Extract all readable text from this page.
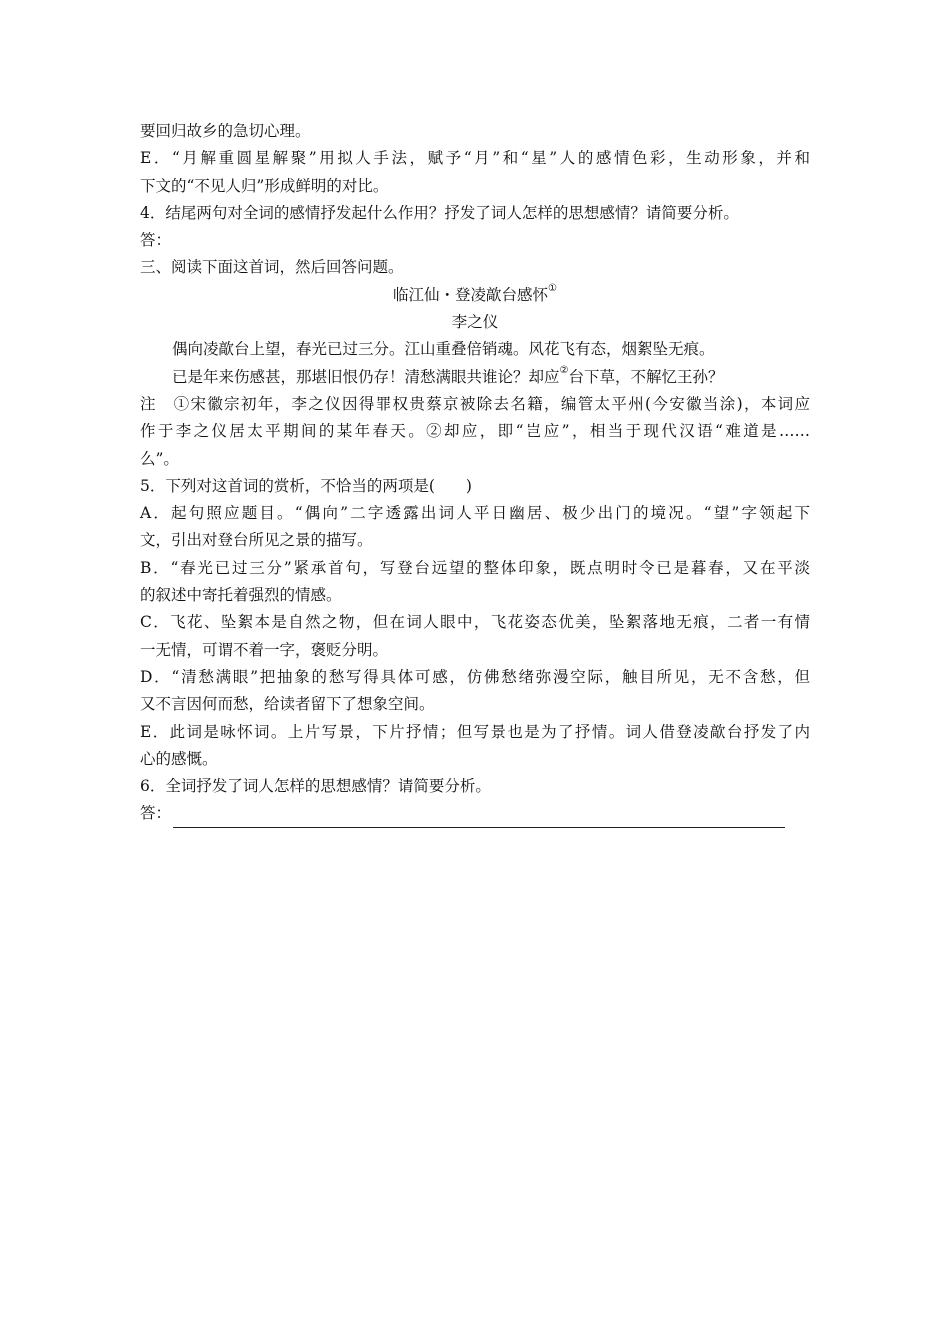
要回归故乡的急切心理。
E．“月解重圆星解聚”用拟人手法，赋予“月”和“星”人的感情色彩，生动形象，并和
下文的“不见人归”形成鲜明的对比。
4．结尾两句对全词的感情抒发起什么作用？抒发了词人怎样的思想感情？请简要分析。
答：
三、阅读下面这首词，然后回答问题。
临江仙・登凌歊台感怀①
李之仪
偶向凌歊台上望，春光已过三分。江山重叠倍销魂。风花飞有态，烟絮坠无痕。
已是年来伤感甚，那堪旧恨仍存！清愁满眼共谁论？却应②台下草，不解忆王孙？
注　①宋徽宗初年，李之仪因得罪权贵蔡京被除去名籍，编管太平州(今安徽当涂)，本词应
作于李之仪居太平期间的某年春天。②却应，即“岂应”，相当于现代汉语“难道是……
么”。
5．下列对这首词的赏析，不恰当的两项是(　　)
A．起句照应题目。“偶向”二字透露出词人平日幽居、极少出门的境况。“望”字领起下
文，引出对登台所见之景的描写。
B．“春光已过三分”紧承首句，写登台远望的整体印象，既点明时令已是暮春，又在平淡
的叙述中寄托着强烈的情感。
C．飞花、坠絮本是自然之物，但在词人眼中，飞花姿态优美，坠絮落地无痕，二者一有情
一无情，可谓不着一字，褒贬分明。
D．“清愁满眼”把抽象的愁写得具体可感，仿佛愁绪弥漫空际，触目所见，无不含愁，但
又不言因何而愁，给读者留下了想象空间。
E．此词是咏怀词。上片写景，下片抒情；但写景也是为了抒情。词人借登凌歊台抒发了内
心的感慨。
6．全词抒发了词人怎样的思想感情？请简要分析。
答：
